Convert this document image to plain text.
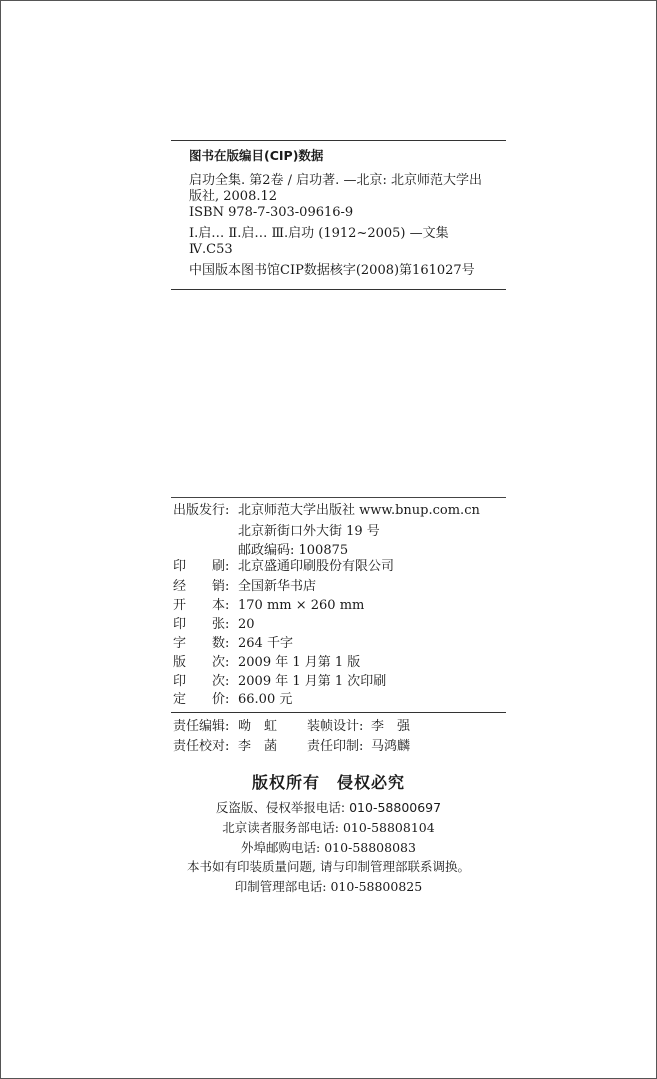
图书在版编目(CIP)数据
启功全集. 第2卷 / 启功著. —北京: 北京师范大学出
版社, 2008.12
ISBN 978-7-303-09616-9
Ⅰ.启… Ⅱ.启… Ⅲ.启功 (1912~2005) —文集
Ⅳ.C53
中国版本图书馆CIP数据核字(2008)第161027号
出版发行: 北京师范大学出版社 www.bnup.com.cn
北京新街口外大街 19 号
邮政编码: 100875
印　　刷: 北京盛通印刷股份有限公司
经　　销: 全国新华书店
开　　本: 170 mm × 260 mm
印　　张: 20
字　　数: 264 千字
版　　次: 2009 年 1 月第 1 版
印　　次: 2009 年 1 月第 1 次印刷
定　　价: 66.00 元
责任编辑: 呦　虹 装帧设计: 李　强
责任校对: 李　菡 责任印制: 马鸿麟
版权所有　侵权必究
反盗版、侵权举报电话: 010-58800697
北京读者服务部电话: 010-58808104
外埠邮购电话: 010-58808083
本书如有印装质量问题, 请与印制管理部联系调换。
印制管理部电话: 010-58800825
